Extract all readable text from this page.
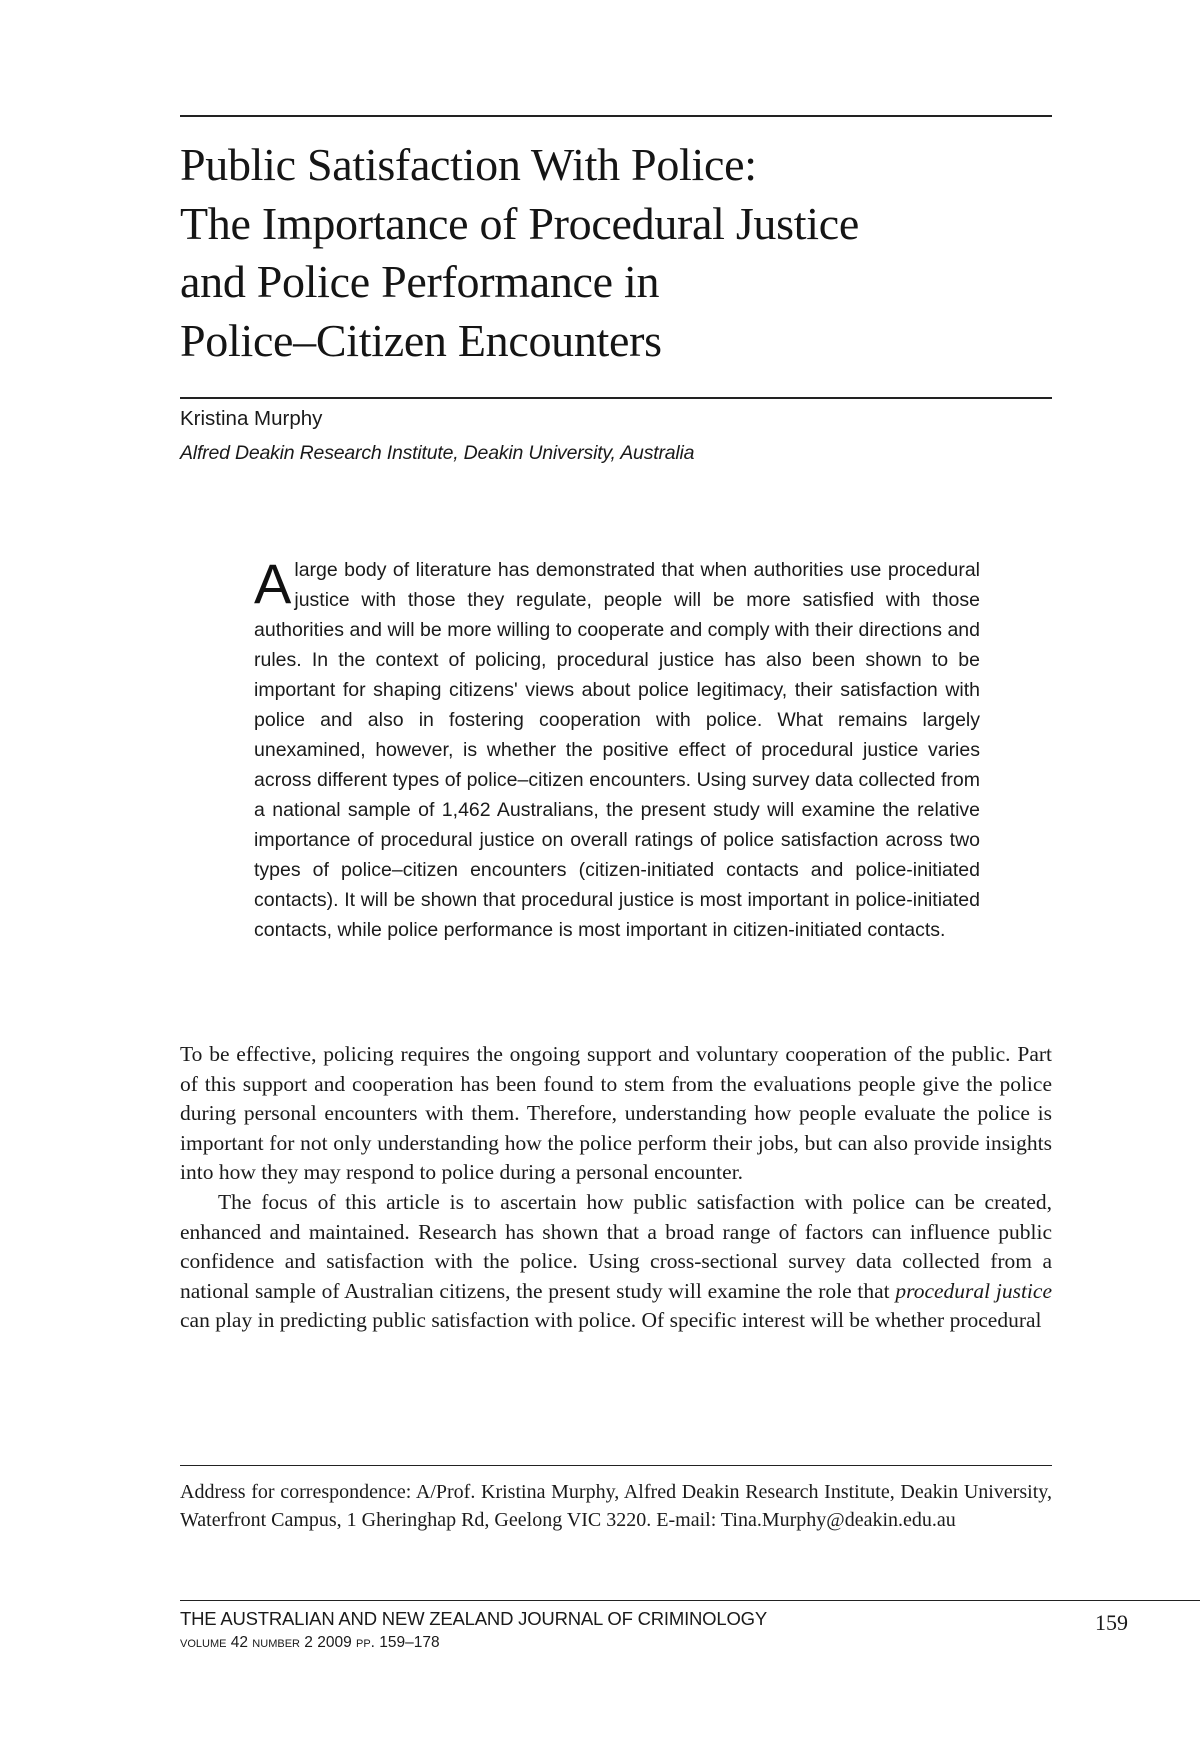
Public Satisfaction With Police:
The Importance of Procedural Justice
and Police Performance in
Police–Citizen Encounters
Kristina Murphy
Alfred Deakin Research Institute, Deakin University, Australia
A large body of literature has demonstrated that when authorities use procedural justice with those they regulate, people will be more satisfied with those authorities and will be more willing to cooperate and comply with their directions and rules. In the context of policing, procedural justice has also been shown to be important for shaping citizens' views about police legitimacy, their satisfaction with police and also in fostering cooperation with police. What remains largely unexamined, however, is whether the positive effect of procedural justice varies across different types of police–citizen encounters. Using survey data collected from a national sample of 1,462 Australians, the present study will examine the relative importance of procedural justice on overall ratings of police satisfaction across two types of police–citizen encounters (citizen-initiated contacts and police-initiated contacts). It will be shown that procedural justice is most important in police-initiated contacts, while police performance is most important in citizen-initiated contacts.

To be effective, policing requires the ongoing support and voluntary cooperation of the public. Part of this support and cooperation has been found to stem from the evaluations people give the police during personal encounters with them. Therefore, understanding how people evaluate the police is important for not only understanding how the police perform their jobs, but can also provide insights into how they may respond to police during a personal encounter.

The focus of this article is to ascertain how public satisfaction with police can be created, enhanced and maintained. Research has shown that a broad range of factors can influence public confidence and satisfaction with the police. Using cross-sectional survey data collected from a national sample of Australian citizens, the present study will examine the role that procedural justice can play in predicting public satisfaction with police. Of specific interest will be whether procedural

Address for correspondence: A/Prof. Kristina Murphy, Alfred Deakin Research Institute, Deakin University, Waterfront Campus, 1 Gheringhap Rd, Geelong VIC 3220. E-mail: Tina.Murphy@deakin.edu.au
THE AUSTRALIAN AND NEW ZEALAND JOURNAL OF CRIMINOLOGY
volume 42 number 2 2009 pp. 159–178
159
